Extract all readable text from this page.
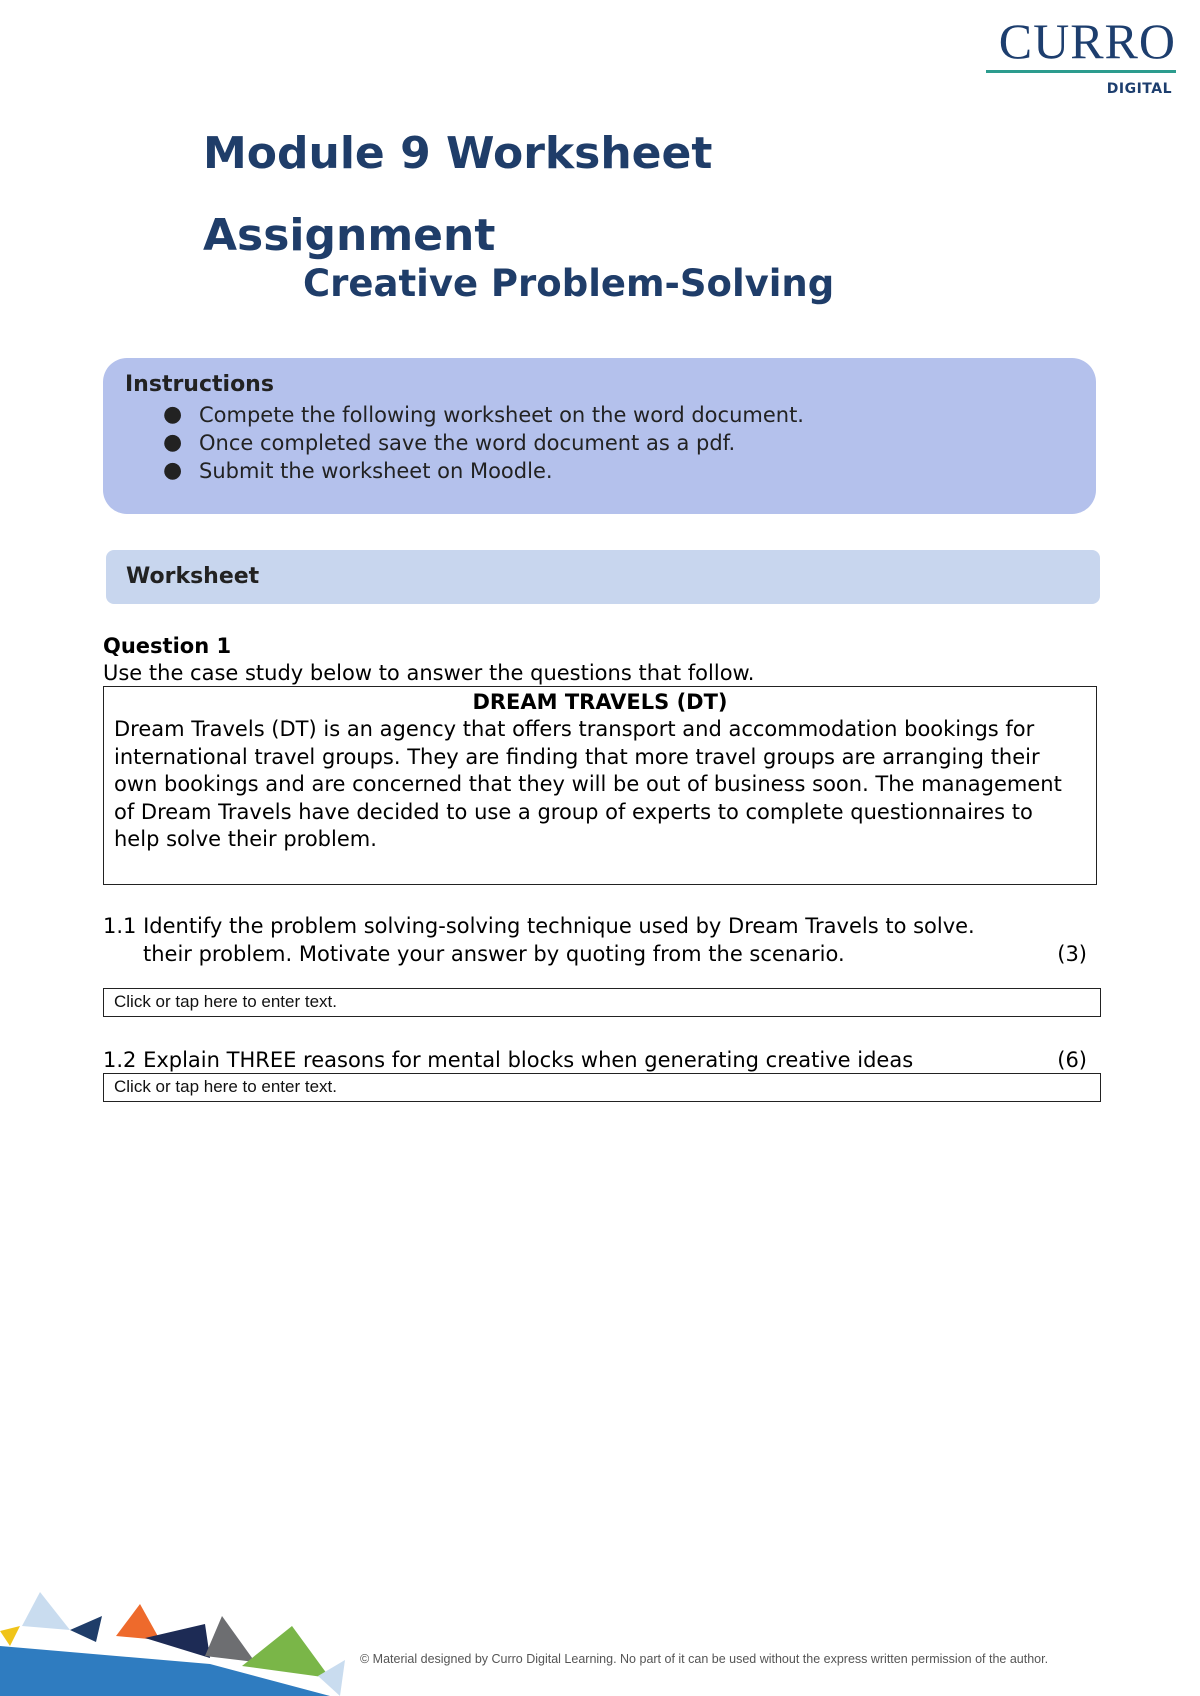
CURRO
DIGITAL
Module 9 Worksheet
Assignment
Creative Problem-Solving
Instructions
● Compete the following worksheet on the word document.
● Once completed save the word document as a pdf.
● Submit the worksheet on Moodle.
Worksheet
Question 1
Use the case study below to answer the questions that follow.
DREAM TRAVELS (DT)
Dream Travels (DT) is an agency that offers transport and accommodation bookings for
international travel groups. They are finding that more travel groups are arranging their
own bookings and are concerned that they will be out of business soon. The management
of Dream Travels have decided to use a group of experts to complete questionnaires to
help solve their problem.
1.1 Identify the problem solving-solving technique used by Dream Travels to solve.
their problem. Motivate your answer by quoting from the scenario.	(3)
Click or tap here to enter text.
1.2 Explain THREE reasons for mental blocks when generating creative ideas	(6)
Click or tap here to enter text.
© Material designed by Curro Digital Learning. No part of it can be used without the express written permission of the author.
